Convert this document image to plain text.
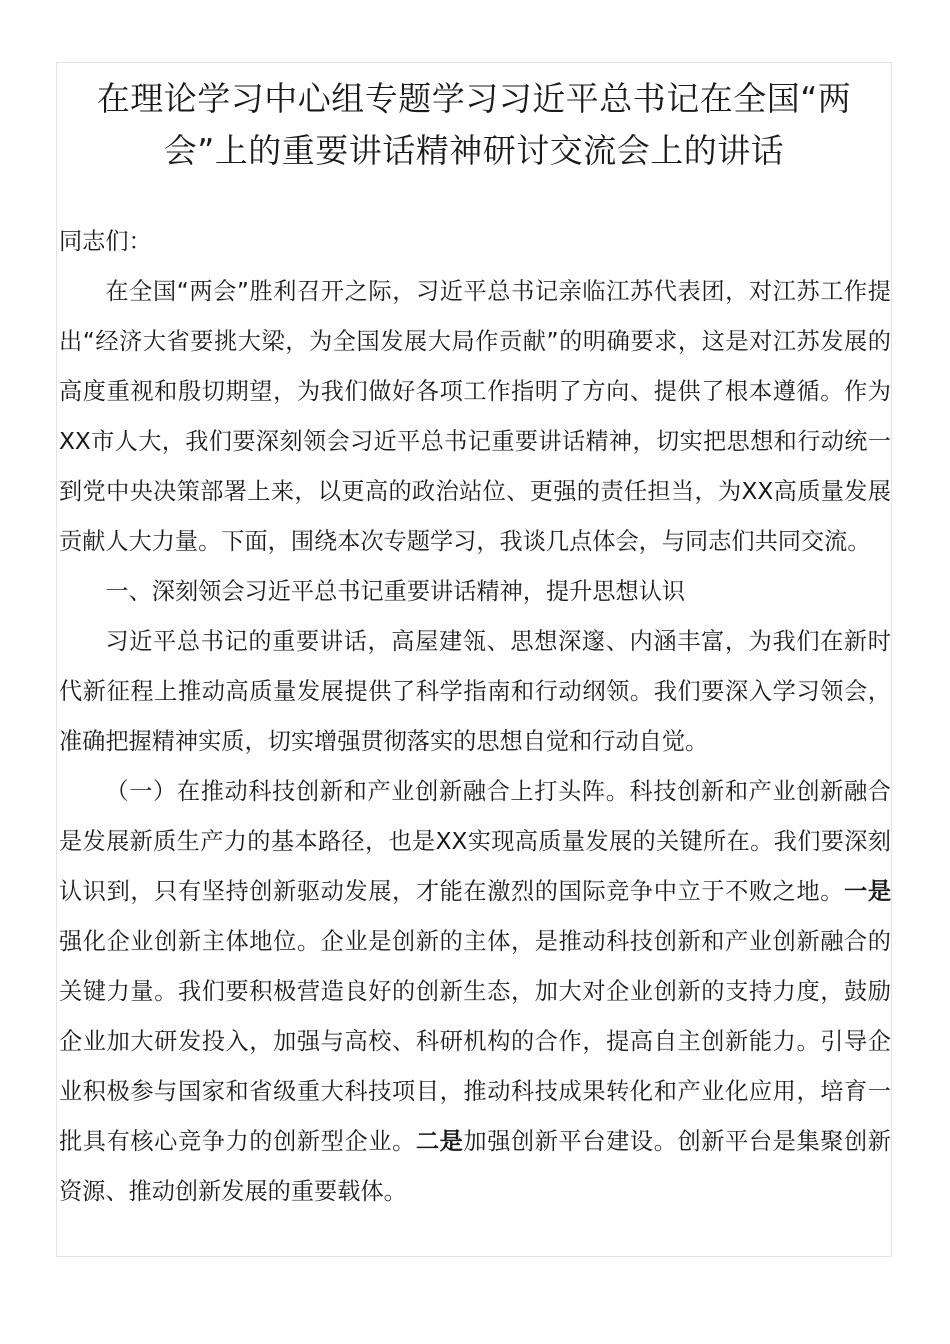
在理论学习中心组专题学习习近平总书记在全国“两会”上的重要讲话精神研讨交流会上的讲话

同志们：

在全国“两会”胜利召开之际，习近平总书记亲临江苏代表团，对江苏工作提出“经济大省要挑大梁，为全国发展大局作贡献”的明确要求，这是对江苏发展的高度重视和殷切期望，为我们做好各项工作指明了方向、提供了根本遵循。作为XX市人大，我们要深刻领会习近平总书记重要讲话精神，切实把思想和行动统一到党中央决策部署上来，以更高的政治站位、更强的责任担当，为XX高质量发展贡献人大力量。下面，围绕本次专题学习，我谈几点体会，与同志们共同交流。

一、深刻领会习近平总书记重要讲话精神，提升思想认识

习近平总书记的重要讲话，高屋建瓴、思想深邃、内涵丰富，为我们在新时代新征程上推动高质量发展提供了科学指南和行动纲领。我们要深入学习领会，准确把握精神实质，切实增强贯彻落实的思想自觉和行动自觉。

（一）在推动科技创新和产业创新融合上打头阵。科技创新和产业创新融合是发展新质生产力的基本路径，也是XX实现高质量发展的关键所在。我们要深刻认识到，只有坚持创新驱动发展，才能在激烈的国际竞争中立于不败之地。一是强化企业创新主体地位。企业是创新的主体，是推动科技创新和产业创新融合的关键力量。我们要积极营造良好的创新生态，加大对企业创新的支持力度，鼓励企业加大研发投入，加强与高校、科研机构的合作，提高自主创新能力。引导企业积极参与国家和省级重大科技项目，推动科技成果转化和产业化应用，培育一批具有核心竞争力的创新型企业。二是加强创新平台建设。创新平台是集聚创新资源、推动创新发展的重要载体。
